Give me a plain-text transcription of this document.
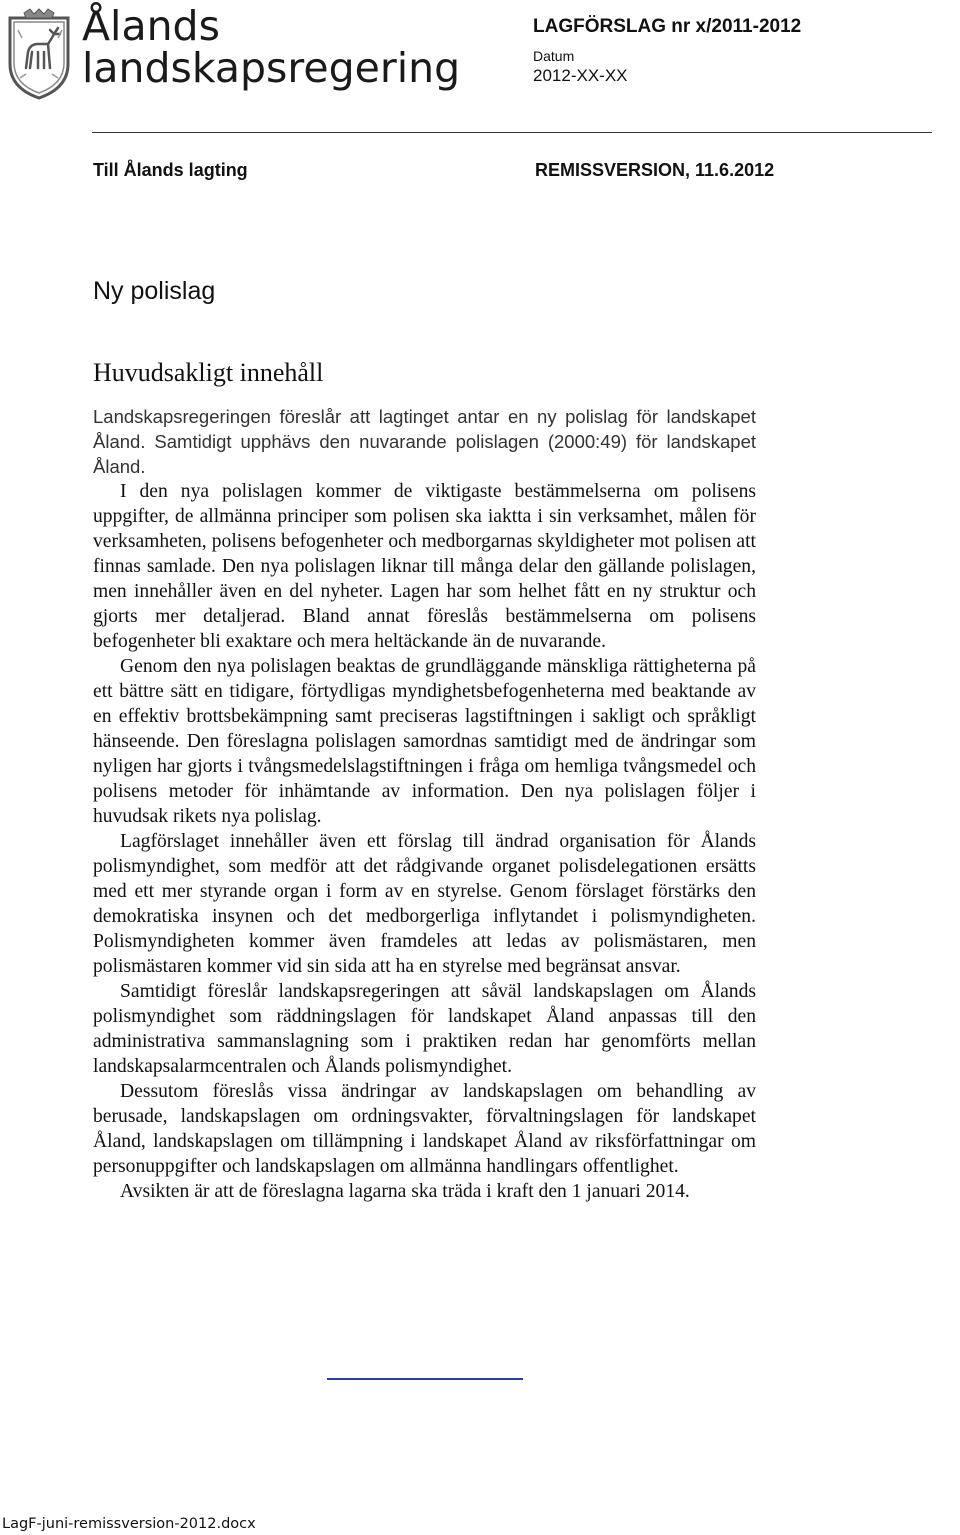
Ålands
landskapsregering
LAGFÖRSLAG nr x/2011-2012
Datum
2012-XX-XX
Till Ålands lagting	REMISSVERSION, 11.6.2012
Ny polislag
Huvudsakligt innehåll

Landskapsregeringen föreslår att lagtinget antar en ny polislag för landskapet Åland. Samtidigt upphävs den nuvarande polislagen (2000:49) för landskapet Åland.

I den nya polislagen kommer de viktigaste bestämmelserna om polisens uppgifter, de allmänna principer som polisen ska iaktta i sin verksamhet, målen för verksamheten, polisens befogenheter och medborgarnas skyldigheter mot polisen att finnas samlade. Den nya polislagen liknar till många delar den gällande polislagen, men innehåller även en del nyheter. Lagen har som helhet fått en ny struktur och gjorts mer detaljerad. Bland annat föreslås bestämmelserna om polisens befogenheter bli exaktare och mera heltäckande än de nuvarande.

Genom den nya polislagen beaktas de grundläggande mänskliga rättigheterna på ett bättre sätt en tidigare, förtydligas myndighetsbefogenheterna med beaktande av en effektiv brottsbekämpning samt preciseras lagstiftningen i sakligt och språkligt hänseende. Den föreslagna polislagen samordnas samtidigt med de ändringar som nyligen har gjorts i tvångsmedelslagstiftningen i fråga om hemliga tvångsmedel och polisens metoder för inhämtande av information. Den nya polislagen följer i huvudsak rikets nya polislag.

Lagförslaget innehåller även ett förslag till ändrad organisation för Ålands polismyndighet, som medför att det rådgivande organet polisdelegationen ersätts med ett mer styrande organ i form av en styrelse. Genom förslaget förstärks den demokratiska insynen och det medborgerliga inflytandet i polismyndigheten. Polismyndigheten kommer även framdeles att ledas av polismästaren, men polismästaren kommer vid sin sida att ha en styrelse med begränsat ansvar.

Samtidigt föreslår landskapsregeringen att såväl landskapslagen om Ålands polismyndighet som räddningslagen för landskapet Åland anpassas till den administrativa sammanslagning som i praktiken redan har genomförts mellan landskapsalarmcentralen och Ålands polismyndighet.

Dessutom föreslås vissa ändringar av landskapslagen om behandling av berusade, landskapslagen om ordningsvakter, förvaltningslagen för landskapet Åland, landskapslagen om tillämpning i landskapet Åland av riksförfattningar om personuppgifter och landskapslagen om allmänna handlingars offentlighet.

Avsikten är att de föreslagna lagarna ska träda i kraft den 1 januari 2014.

LagF-juni-remissversion-2012.docx
